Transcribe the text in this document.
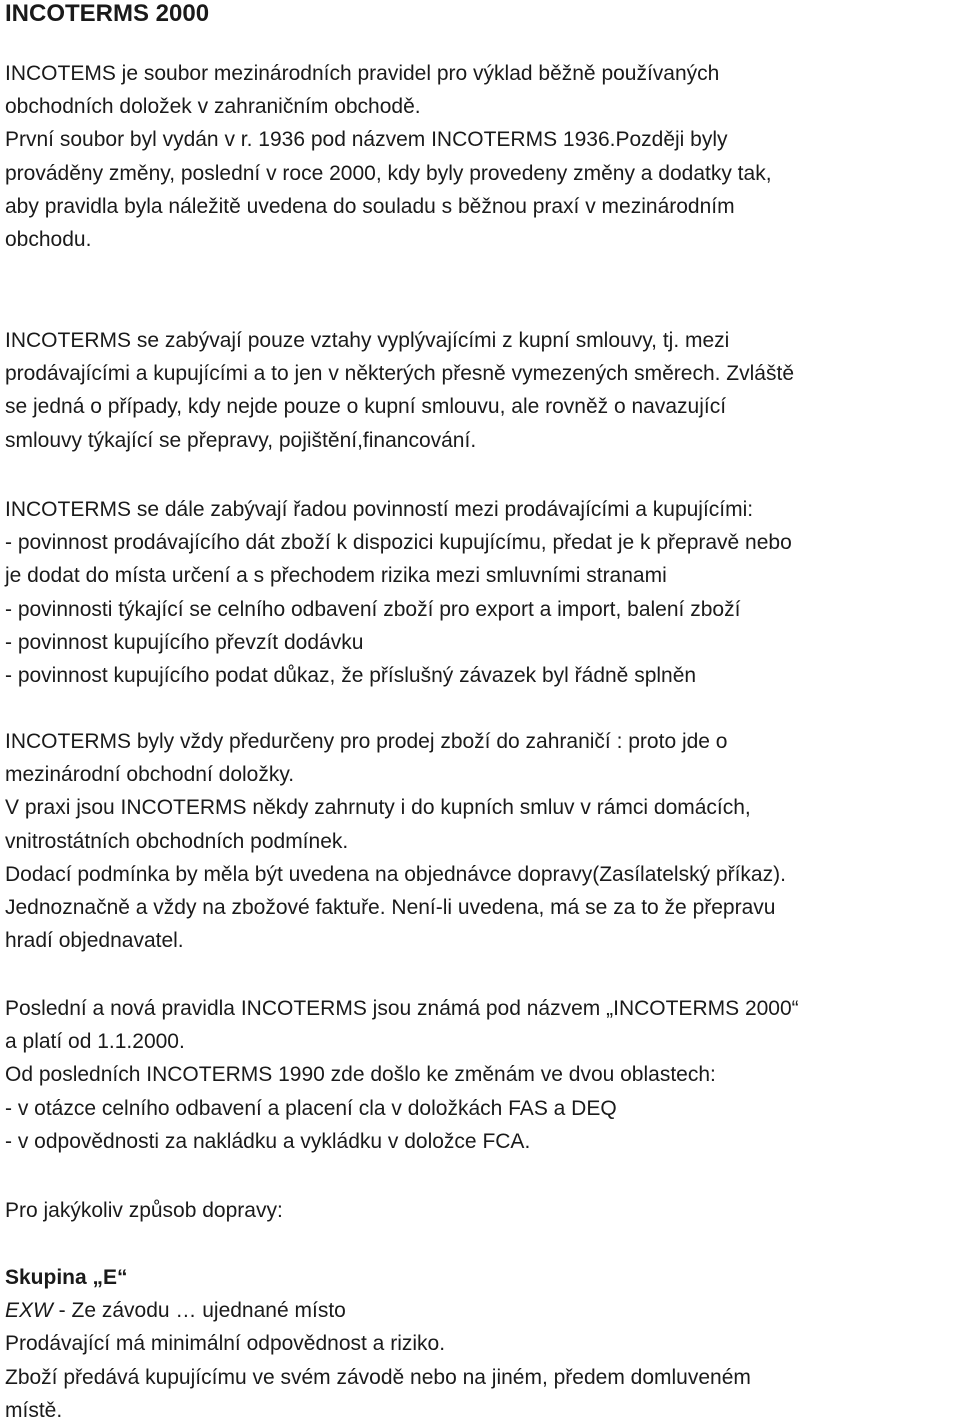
INCOTERMS 2000
INCOTEMS je soubor mezinárodních pravidel pro výklad běžně používaných
obchodních doložek v zahraničním obchodě.
První soubor byl vydán v r. 1936 pod názvem INCOTERMS 1936.Později byly
prováděny změny, poslední v roce 2000, kdy byly provedeny změny a dodatky tak,
aby pravidla byla náležitě uvedena do souladu s běžnou praxí v mezinárodním
obchodu.
INCOTERMS se zabývají pouze vztahy vyplývajícími z kupní smlouvy, tj. mezi
prodávajícími a kupujícími a to jen v některých přesně vymezených směrech. Zvláště
se jedná o případy, kdy nejde pouze o kupní smlouvu, ale rovněž o navazující
smlouvy týkající se přepravy, pojištění,financování.
INCOTERMS se dále zabývají řadou povinností mezi prodávajícími a kupujícími:
- povinnost prodávajícího dát zboží k dispozici kupujícímu, předat je k přepravě nebo
je dodat do místa určení a s přechodem rizika mezi smluvními stranami
- povinnosti týkající se celního odbavení zboží pro export a import, balení zboží
- povinnost kupujícího převzít dodávku
- povinnost kupujícího podat důkaz, že příslušný závazek byl řádně splněn
INCOTERMS byly vždy předurčeny pro prodej zboží do zahraničí : proto jde o
mezinárodní obchodní doložky.
V praxi jsou INCOTERMS někdy zahrnuty i do kupních smluv v rámci domácích,
vnitrostátních obchodních podmínek.
Dodací podmínka by měla být uvedena na objednávce dopravy(Zasílatelský příkaz).
Jednoznačně a vždy na zbožové faktuře. Není-li uvedena, má se za to že přepravu
hradí objednavatel.
Poslední a nová pravidla INCOTERMS jsou známá pod názvem „INCOTERMS 2000“
a platí od 1.1.2000.
Od posledních INCOTERMS 1990 zde došlo ke změnám ve dvou oblastech:
- v otázce celního odbavení a placení cla v doložkách FAS a DEQ
- v odpovědnosti za nakládku a vykládku v doložce FCA.
Pro jakýkoliv způsob dopravy:
Skupina „E“
EXW - Ze závodu … ujednané místo
Prodávající má minimální odpovědnost a riziko.
Zboží předává kupujícímu ve svém závodě nebo na jiném, předem domluveném
místě.
